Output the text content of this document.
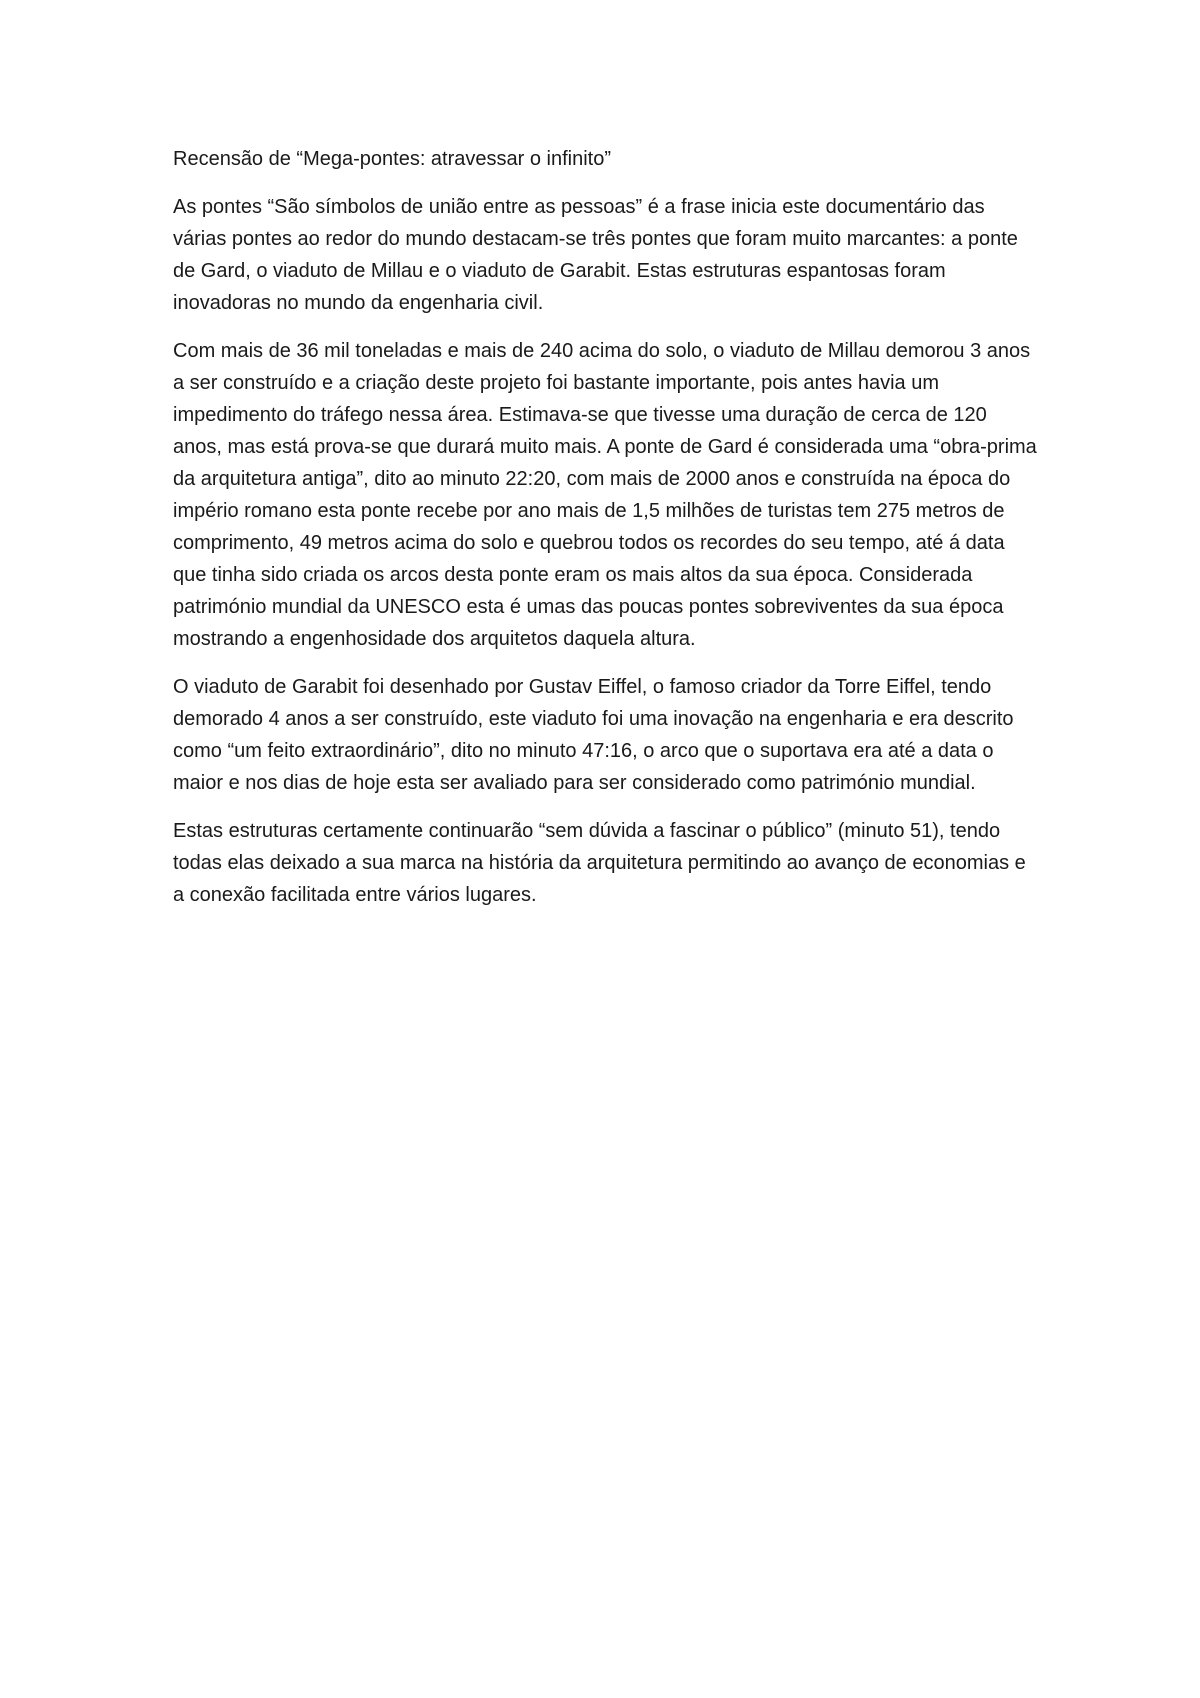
Recensão de “Mega-pontes: atravessar o infinito”

As pontes “São símbolos de união entre as pessoas” é a frase inicia este documentário das várias pontes ao redor do mundo destacam-se três pontes que foram muito marcantes: a ponte de Gard, o viaduto de Millau e o viaduto de Garabit. Estas estruturas espantosas foram inovadoras no mundo da engenharia civil.

Com mais de 36 mil toneladas e mais de 240 acima do solo, o viaduto de Millau demorou 3 anos a ser construído e a criação deste projeto foi bastante importante, pois antes havia um impedimento do tráfego nessa área. Estimava-se que tivesse uma duração de cerca de 120 anos, mas está prova-se que durará muito mais. A ponte de Gard é considerada uma “obra-prima da arquitetura antiga”, dito ao minuto 22:20, com mais de 2000 anos e construída na época do império romano esta ponte recebe por ano mais de 1,5 milhões de turistas tem 275 metros de comprimento, 49 metros acima do solo e quebrou todos os recordes do seu tempo, até á data que tinha sido criada os arcos desta ponte eram os mais altos da sua época. Considerada património mundial da UNESCO esta é umas das poucas pontes sobreviventes da sua época mostrando a engenhosidade dos arquitetos daquela altura.

O viaduto de Garabit foi desenhado por Gustav Eiffel, o famoso criador da Torre Eiffel, tendo demorado 4 anos a ser construído, este viaduto foi uma inovação na engenharia e era descrito como “um feito extraordinário”, dito no minuto 47:16, o arco que o suportava era até a data o maior e nos dias de hoje esta ser avaliado para ser considerado como património mundial.

Estas estruturas certamente continuarão “sem dúvida a fascinar o público” (minuto 51), tendo todas elas deixado a sua marca na história da arquitetura permitindo ao avanço de economias e a conexão facilitada entre vários lugares.
